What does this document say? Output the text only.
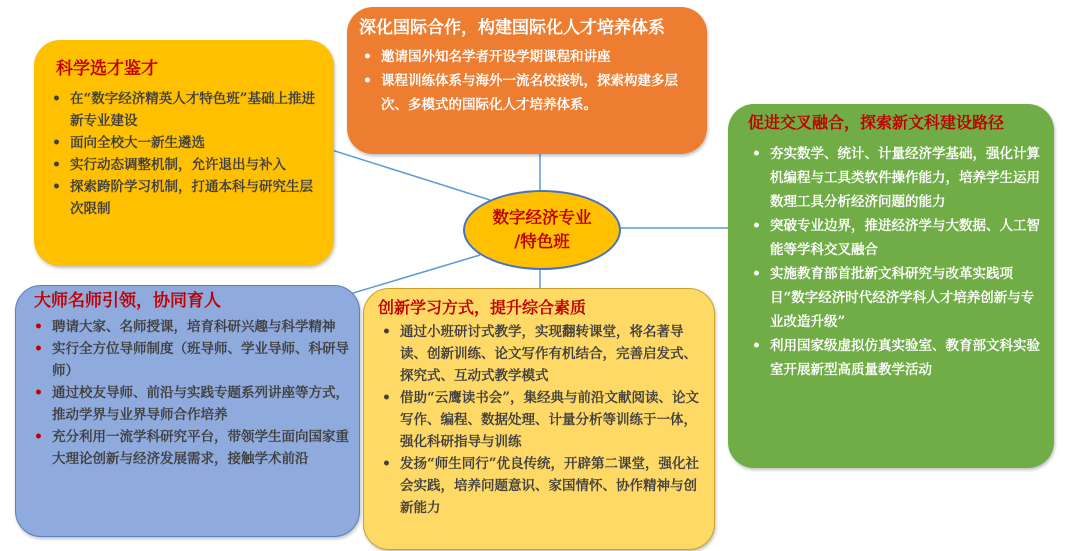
科学选才鉴才
• 在“数字经济精英人才特色班”基础上推进新专业建设
• 面向全校大一新生遴选
• 实行动态调整机制，允许退出与补入
• 探索跨阶学习机制，打通本科与研究生层次限制
深化国际合作，构建国际化人才培养体系
• 邀请国外知名学者开设学期课程和讲座
• 课程训练体系与海外一流名校接轨，探索构建多层次、多模式的国际化人才培养体系。
促进交叉融合，探索新文科建设路径
• 夯实数学、统计、计量经济学基础，强化计算机编程与工具类软件操作能力，培养学生运用数理工具分析经济问题的能力
• 突破专业边界，推进经济学与大数据、人工智能等学科交叉融合
• 实施教育部首批新文科研究与改革实践项目“数字经济时代经济学科人才培养创新与专业改造升级”
• 利用国家级虚拟仿真实验室、教育部文科实验室开展新型高质量教学活动
大师名师引领，协同育人
• 聘请大家、名师授课，培育科研兴趣与科学精神
• 实行全方位导师制度（班导师、学业导师、科研导师）
• 通过校友导师、前沿与实践专题系列讲座等方式，推动学界与业界导师合作培养
• 充分利用一流学科研究平台，带领学生面向国家重大理论创新与经济发展需求，接触学术前沿
创新学习方式，提升综合素质
• 通过小班研讨式教学，实现翻转课堂，将名著导读、创新训练、论文写作有机结合，完善启发式、探究式、互动式教学模式
• 借助“云鹰读书会”，集经典与前沿文献阅读、论文写作、编程、数据处理、计量分析等训练于一体，强化科研指导与训练
• 发扬“师生同行”优良传统，开辟第二课堂，强化社会实践，培养问题意识、家国情怀、协作精神与创新能力
数字经济专业
/特色班
